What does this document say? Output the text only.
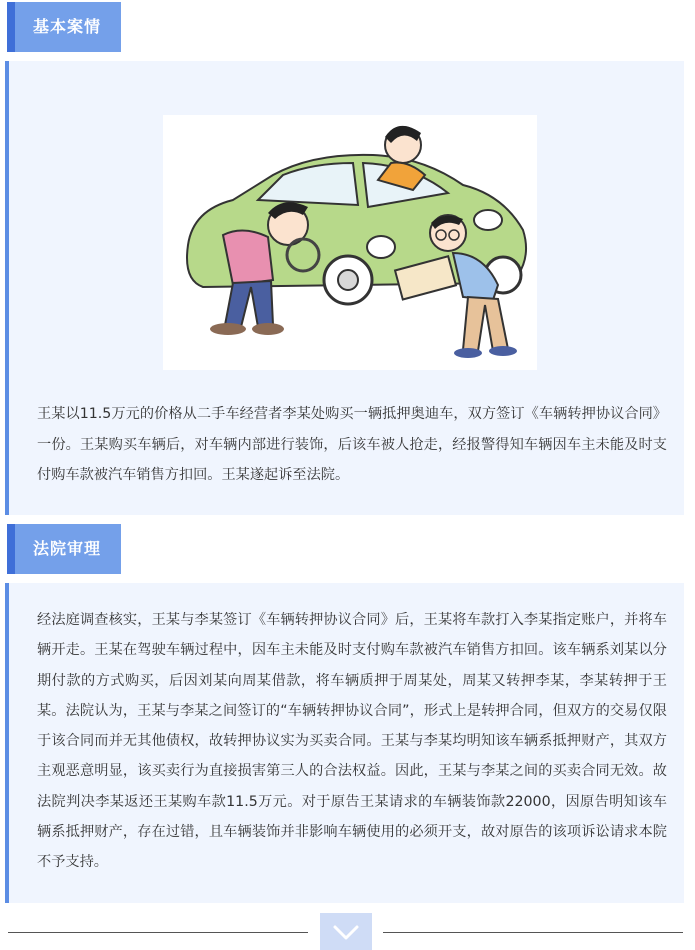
基本案情

王某以11.5万元的价格从二手车经营者李某处购买一辆抵押奥迪车，双方签订《车辆转押协议合同》一份。王某购买车辆后，对车辆内部进行装饰，后该车被人抢走，经报警得知车辆因车主未能及时支付购车款被汽车销售方扣回。王某遂起诉至法院。

法院审理

经法庭调查核实，王某与李某签订《车辆转押协议合同》后，王某将车款打入李某指定账户，并将车辆开走。王某在驾驶车辆过程中，因车主未能及时支付购车款被汽车销售方扣回。该车辆系刘某以分期付款的方式购买，后因刘某向周某借款，将车辆质押于周某处，周某又转押李某，李某转押于王某。法院认为，王某与李某之间签订的“车辆转押协议合同”，形式上是转押合同，但双方的交易仅限于该合同而并无其他债权，故转押协议实为买卖合同。王某与李某均明知该车辆系抵押财产，其双方主观恶意明显，该买卖行为直接损害第三人的合法权益。因此，王某与李某之间的买卖合同无效。故法院判决李某返还王某购车款11.5万元。对于原告王某请求的车辆装饰款22000，因原告明知该车辆系抵押财产，存在过错，且车辆装饰并非影响车辆使用的必须开支，故对原告的该项诉讼请求本院不予支持。
